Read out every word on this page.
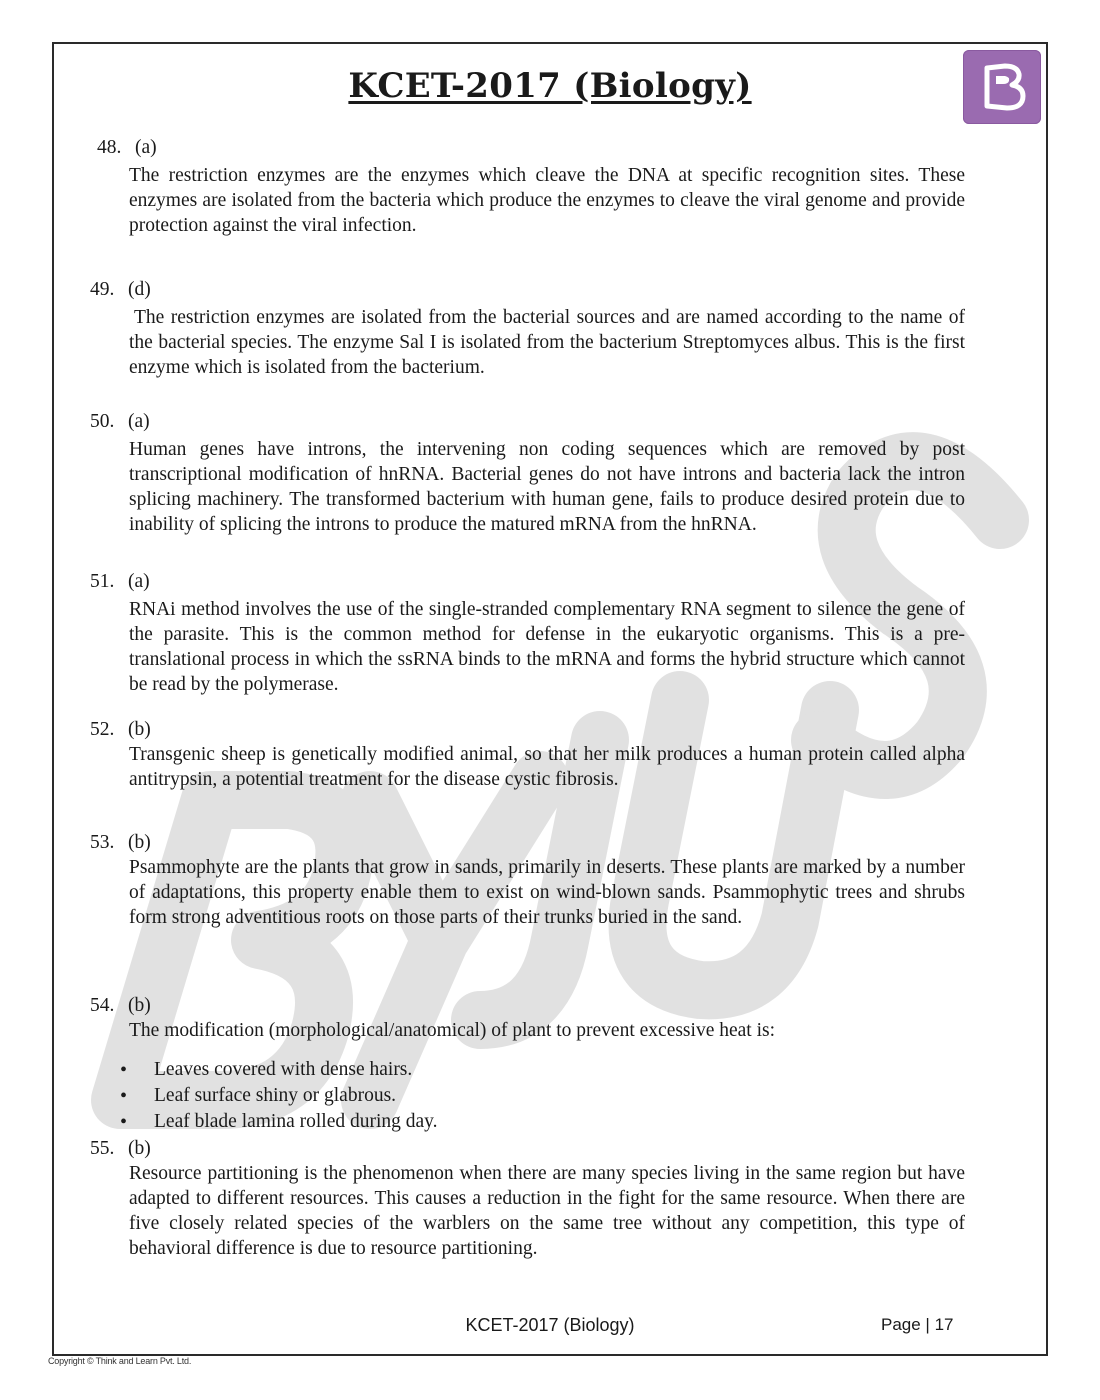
KCET-2017 (Biology)
48. (a)
The restriction enzymes are the enzymes which cleave the DNA at specific recognition sites. These enzymes are isolated from the bacteria which produce the enzymes to cleave the viral genome and provide protection against the viral infection.
49. (d)
The restriction enzymes are isolated from the bacterial sources and are named according to the name of the bacterial species. The enzyme Sal I is isolated from the bacterium Streptomyces albus. This is the first enzyme which is isolated from the bacterium.
50. (a)
Human genes have introns, the intervening non coding sequences which are removed by post transcriptional modification of hnRNA. Bacterial genes do not have introns and bacteria lack the intron splicing machinery. The transformed bacterium with human gene, fails to produce desired protein due to inability of splicing the introns to produce the matured mRNA from the hnRNA.
51. (a)
RNAi method involves the use of the single-stranded complementary RNA segment to silence the gene of the parasite. This is the common method for defense in the eukaryotic organisms. This is a pre-translational process in which the ssRNA binds to the mRNA and forms the hybrid structure which cannot be read by the polymerase.
52. (b)
Transgenic sheep is genetically modified animal, so that her milk produces a human protein called alpha antitrypsin, a potential treatment for the disease cystic fibrosis.
53. (b)
Psammophyte are the plants that grow in sands, primarily in deserts. These plants are marked by a number of adaptations, this property enable them to exist on wind-blown sands. Psammophytic trees and shrubs form strong adventitious roots on those parts of their trunks buried in the sand.
54. (b)
The modification (morphological/anatomical) of plant to prevent excessive heat is:
• Leaves covered with dense hairs.
• Leaf surface shiny or glabrous.
• Leaf blade lamina rolled during day.
55. (b)
Resource partitioning is the phenomenon when there are many species living in the same region but have adapted to different resources. This causes a reduction in the fight for the same resource. When there are five closely related species of the warblers on the same tree without any competition, this type of behavioral difference is due to resource partitioning.
KCET-2017 (Biology)	Page | 17
Copyright © Think and Learn Pvt. Ltd.
